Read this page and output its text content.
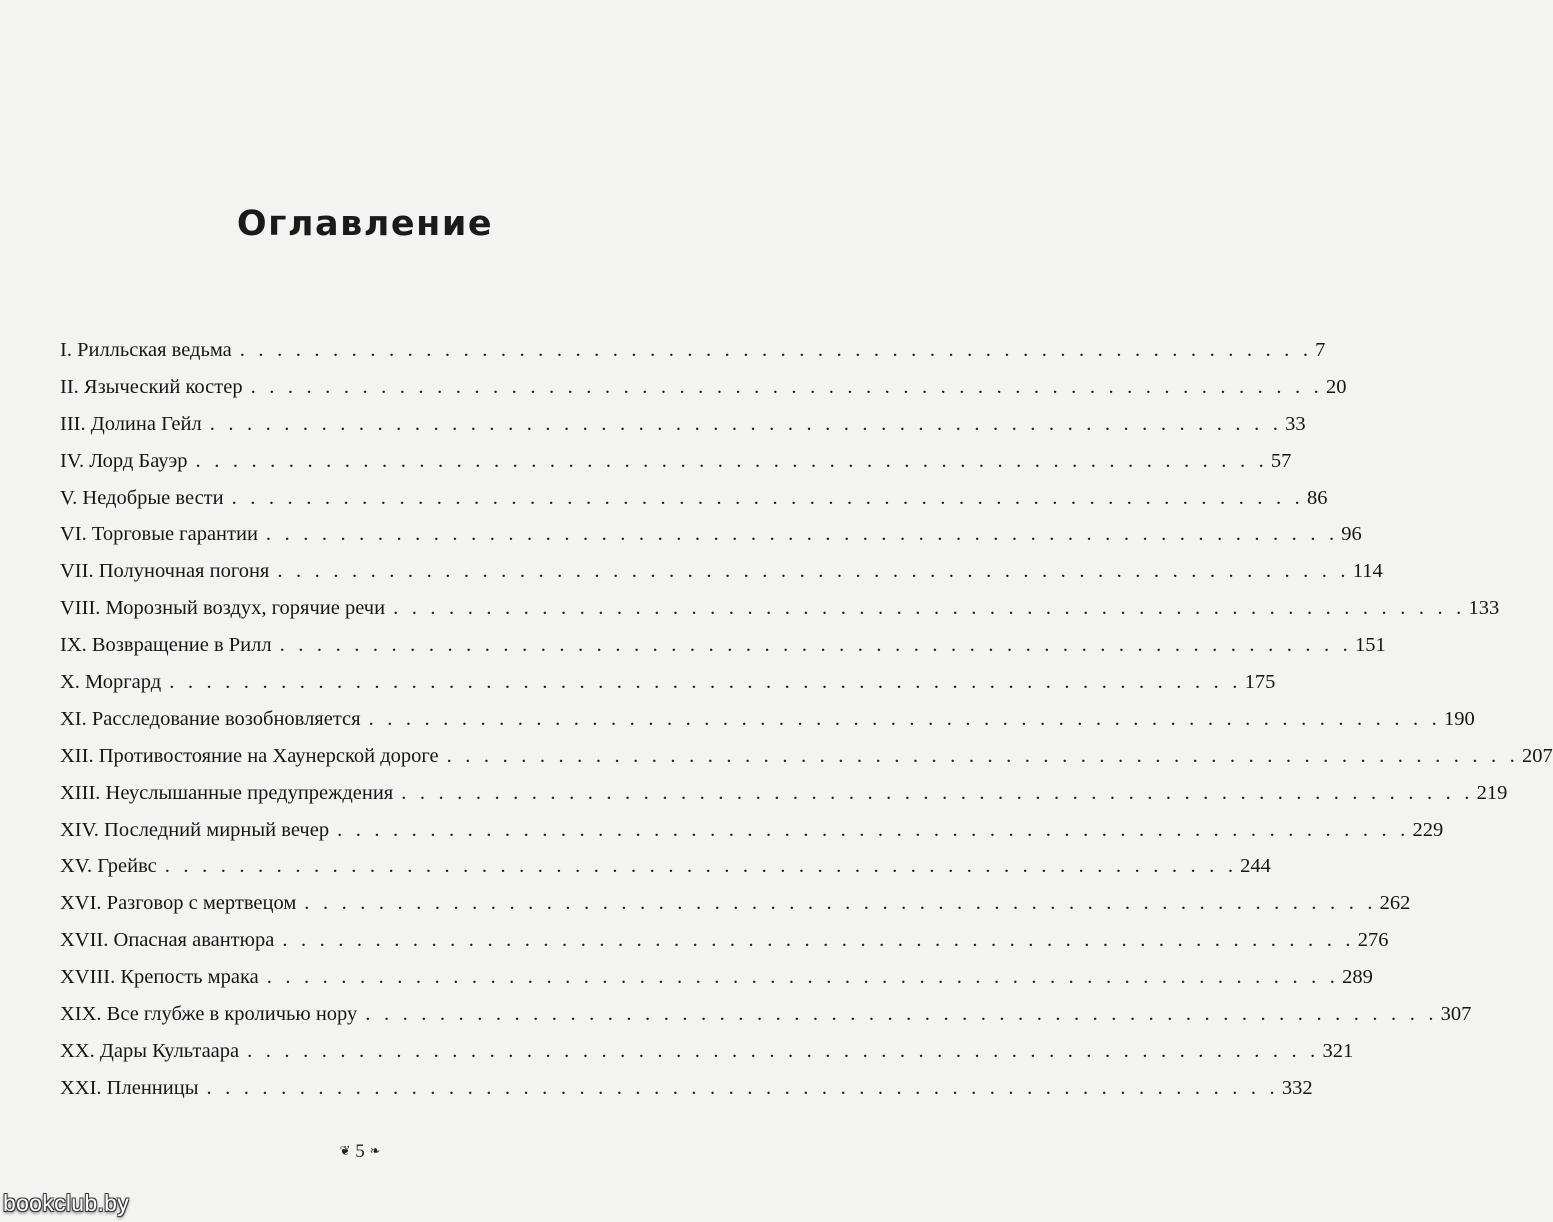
Оглавление
I. Рилльская ведьма . . . . . . . . . . . . . . . . . . . . . . . . . . . . . . . . . . . . . . . . . . . . . . . . . . . . . . . . . . 7
II. Языческий костер . . . . . . . . . . . . . . . . . . . . . . . . . . . . . . . . . . . . . . . . . . . . . . . . . . . . . . . . . . 20
III. Долина Гейл . . . . . . . . . . . . . . . . . . . . . . . . . . . . . . . . . . . . . . . . . . . . . . . . . . . . . . . . . . 33
IV. Лорд Бауэр . . . . . . . . . . . . . . . . . . . . . . . . . . . . . . . . . . . . . . . . . . . . . . . . . . . . . . . . . . 57
V. Недобрые вести . . . . . . . . . . . . . . . . . . . . . . . . . . . . . . . . . . . . . . . . . . . . . . . . . . . . . . . . . . 86
VI. Торговые гарантии . . . . . . . . . . . . . . . . . . . . . . . . . . . . . . . . . . . . . . . . . . . . . . . . . . . . . . . . . . 96
VII. Полуночная погоня . . . . . . . . . . . . . . . . . . . . . . . . . . . . . . . . . . . . . . . . . . . . . . . . . . . . . . . . . . 114
VIII. Морозный воздух, горячие речи . . . . . . . . . . . . . . . . . . . . . . . . . . . . . . . . . . . . . . . . . . . . . . . . . . . . . . . . . . 133
IX. Возвращение в Рилл . . . . . . . . . . . . . . . . . . . . . . . . . . . . . . . . . . . . . . . . . . . . . . . . . . . . . . . . . . 151
X. Моргард . . . . . . . . . . . . . . . . . . . . . . . . . . . . . . . . . . . . . . . . . . . . . . . . . . . . . . . . . . 175
XI. Расследование возобновляется . . . . . . . . . . . . . . . . . . . . . . . . . . . . . . . . . . . . . . . . . . . . . . . . . . . . . . . . . . 190
XII. Противостояние на Хаунерской дороге . . . . . . . . . . . . . . . . . . . . . . . . . . . . . . . . . . . . . . . . . . . . . . . . . . . . . . . . . . 207
XIII. Неуслышанные предупреждения . . . . . . . . . . . . . . . . . . . . . . . . . . . . . . . . . . . . . . . . . . . . . . . . . . . . . . . . . . 219
XIV. Последний мирный вечер . . . . . . . . . . . . . . . . . . . . . . . . . . . . . . . . . . . . . . . . . . . . . . . . . . . . . . . . . . 229
XV. Грейвс . . . . . . . . . . . . . . . . . . . . . . . . . . . . . . . . . . . . . . . . . . . . . . . . . . . . . . . . . . 244
XVI. Разговор с мертвецом . . . . . . . . . . . . . . . . . . . . . . . . . . . . . . . . . . . . . . . . . . . . . . . . . . . . . . . . . . 262
XVII. Опасная авантюра . . . . . . . . . . . . . . . . . . . . . . . . . . . . . . . . . . . . . . . . . . . . . . . . . . . . . . . . . . 276
XVIII. Крепость мрака . . . . . . . . . . . . . . . . . . . . . . . . . . . . . . . . . . . . . . . . . . . . . . . . . . . . . . . . . . 289
XIX. Все глубже в кроличью нору . . . . . . . . . . . . . . . . . . . . . . . . . . . . . . . . . . . . . . . . . . . . . . . . . . . . . . . . . . 307
XX. Дары Культаара . . . . . . . . . . . . . . . . . . . . . . . . . . . . . . . . . . . . . . . . . . . . . . . . . . . . . . . . . . 321
XXI. Пленницы . . . . . . . . . . . . . . . . . . . . . . . . . . . . . . . . . . . . . . . . . . . . . . . . . . . . . . . . . . 332
❦ 5 ❧
bookclub.by
